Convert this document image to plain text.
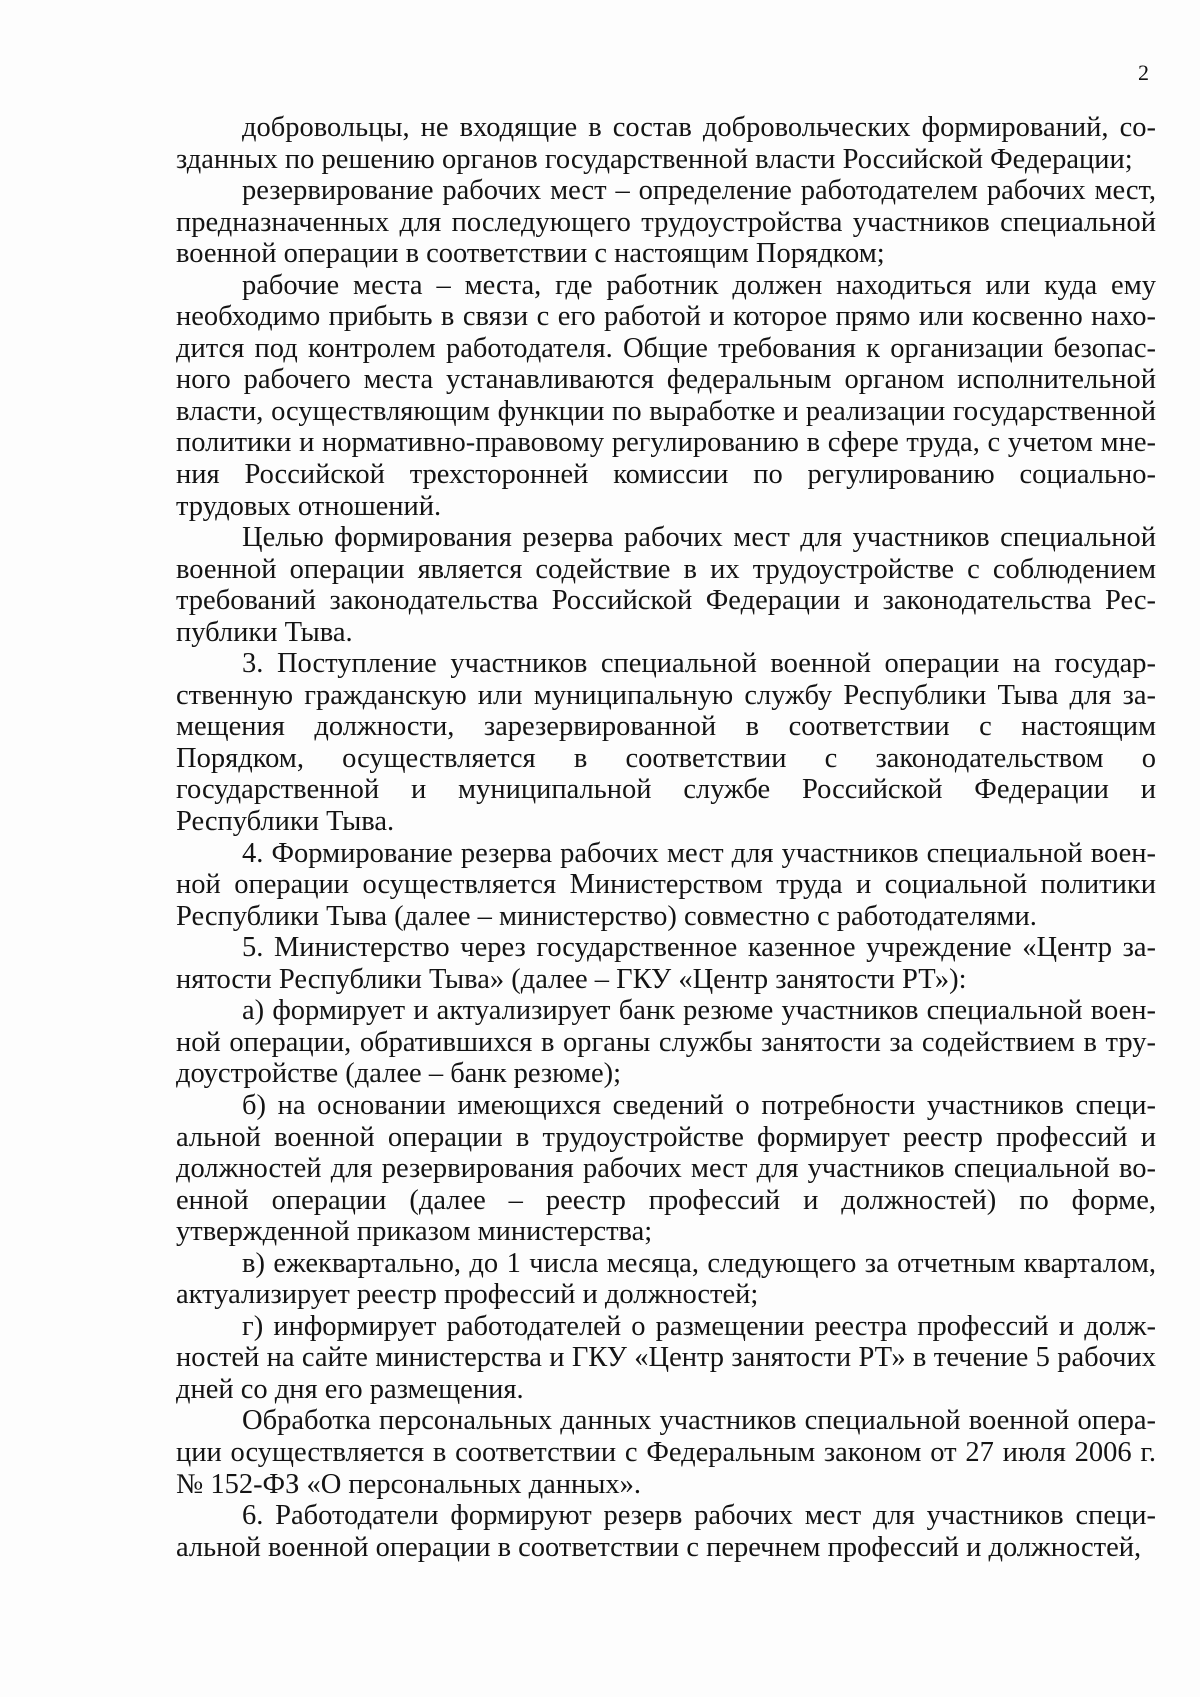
2

добровольцы, не входящие в состав добровольческих формирований, созданных по решению органов государственной власти Российской Федерации;

резервирование рабочих мест – определение работодателем рабочих мест, предназначенных для последующего трудоустройства участников специальной военной операции в соответствии с настоящим Порядком;

рабочие места – места, где работник должен находиться или куда ему необходимо прибыть в связи с его работой и которое прямо или косвенно находится под контролем работодателя. Общие требования к организации безопасного рабочего места устанавливаются федеральным органом исполнительной власти, осуществляющим функции по выработке и реализации государственной политики и нормативно-правовому регулированию в сфере труда, с учетом мнения Российской трехсторонней комиссии по регулированию социально-трудовых отношений.

Целью формирования резерва рабочих мест для участников специальной военной операции является содействие в их трудоустройстве с соблюдением требований законодательства Российской Федерации и законодательства Республики Тыва.

3. Поступление участников специальной военной операции на государственную гражданскую или муниципальную службу Республики Тыва для замещения должности, зарезервированной в соответствии с настоящим Порядком, осуществляется в соответствии с законодательством о государственной и муниципальной службе Российской Федерации и Республики Тыва.

4. Формирование резерва рабочих мест для участников специальной военной операции осуществляется Министерством труда и социальной политики Республики Тыва (далее – министерство) совместно с работодателями.

5. Министерство через государственное казенное учреждение «Центр занятости Республики Тыва» (далее – ГКУ «Центр занятости РТ»):

а) формирует и актуализирует банк резюме участников специальной военной операции, обратившихся в органы службы занятости за содействием в трудоустройстве (далее – банк резюме);

б) на основании имеющихся сведений о потребности участников специальной военной операции в трудоустройстве формирует реестр профессий и должностей для резервирования рабочих мест для участников специальной военной операции (далее – реестр профессий и должностей) по форме, утвержденной приказом министерства;

в) ежеквартально, до 1 числа месяца, следующего за отчетным кварталом, актуализирует реестр профессий и должностей;

г) информирует работодателей о размещении реестра профессий и должностей на сайте министерства и ГКУ «Центр занятости РТ» в течение 5 рабочих дней со дня его размещения.

Обработка персональных данных участников специальной военной операции осуществляется в соответствии с Федеральным законом от 27 июля 2006 г. № 152-ФЗ «О персональных данных».

6. Работодатели формируют резерв рабочих мест для участников специальной военной операции в соответствии с перечнем профессий и должностей,
